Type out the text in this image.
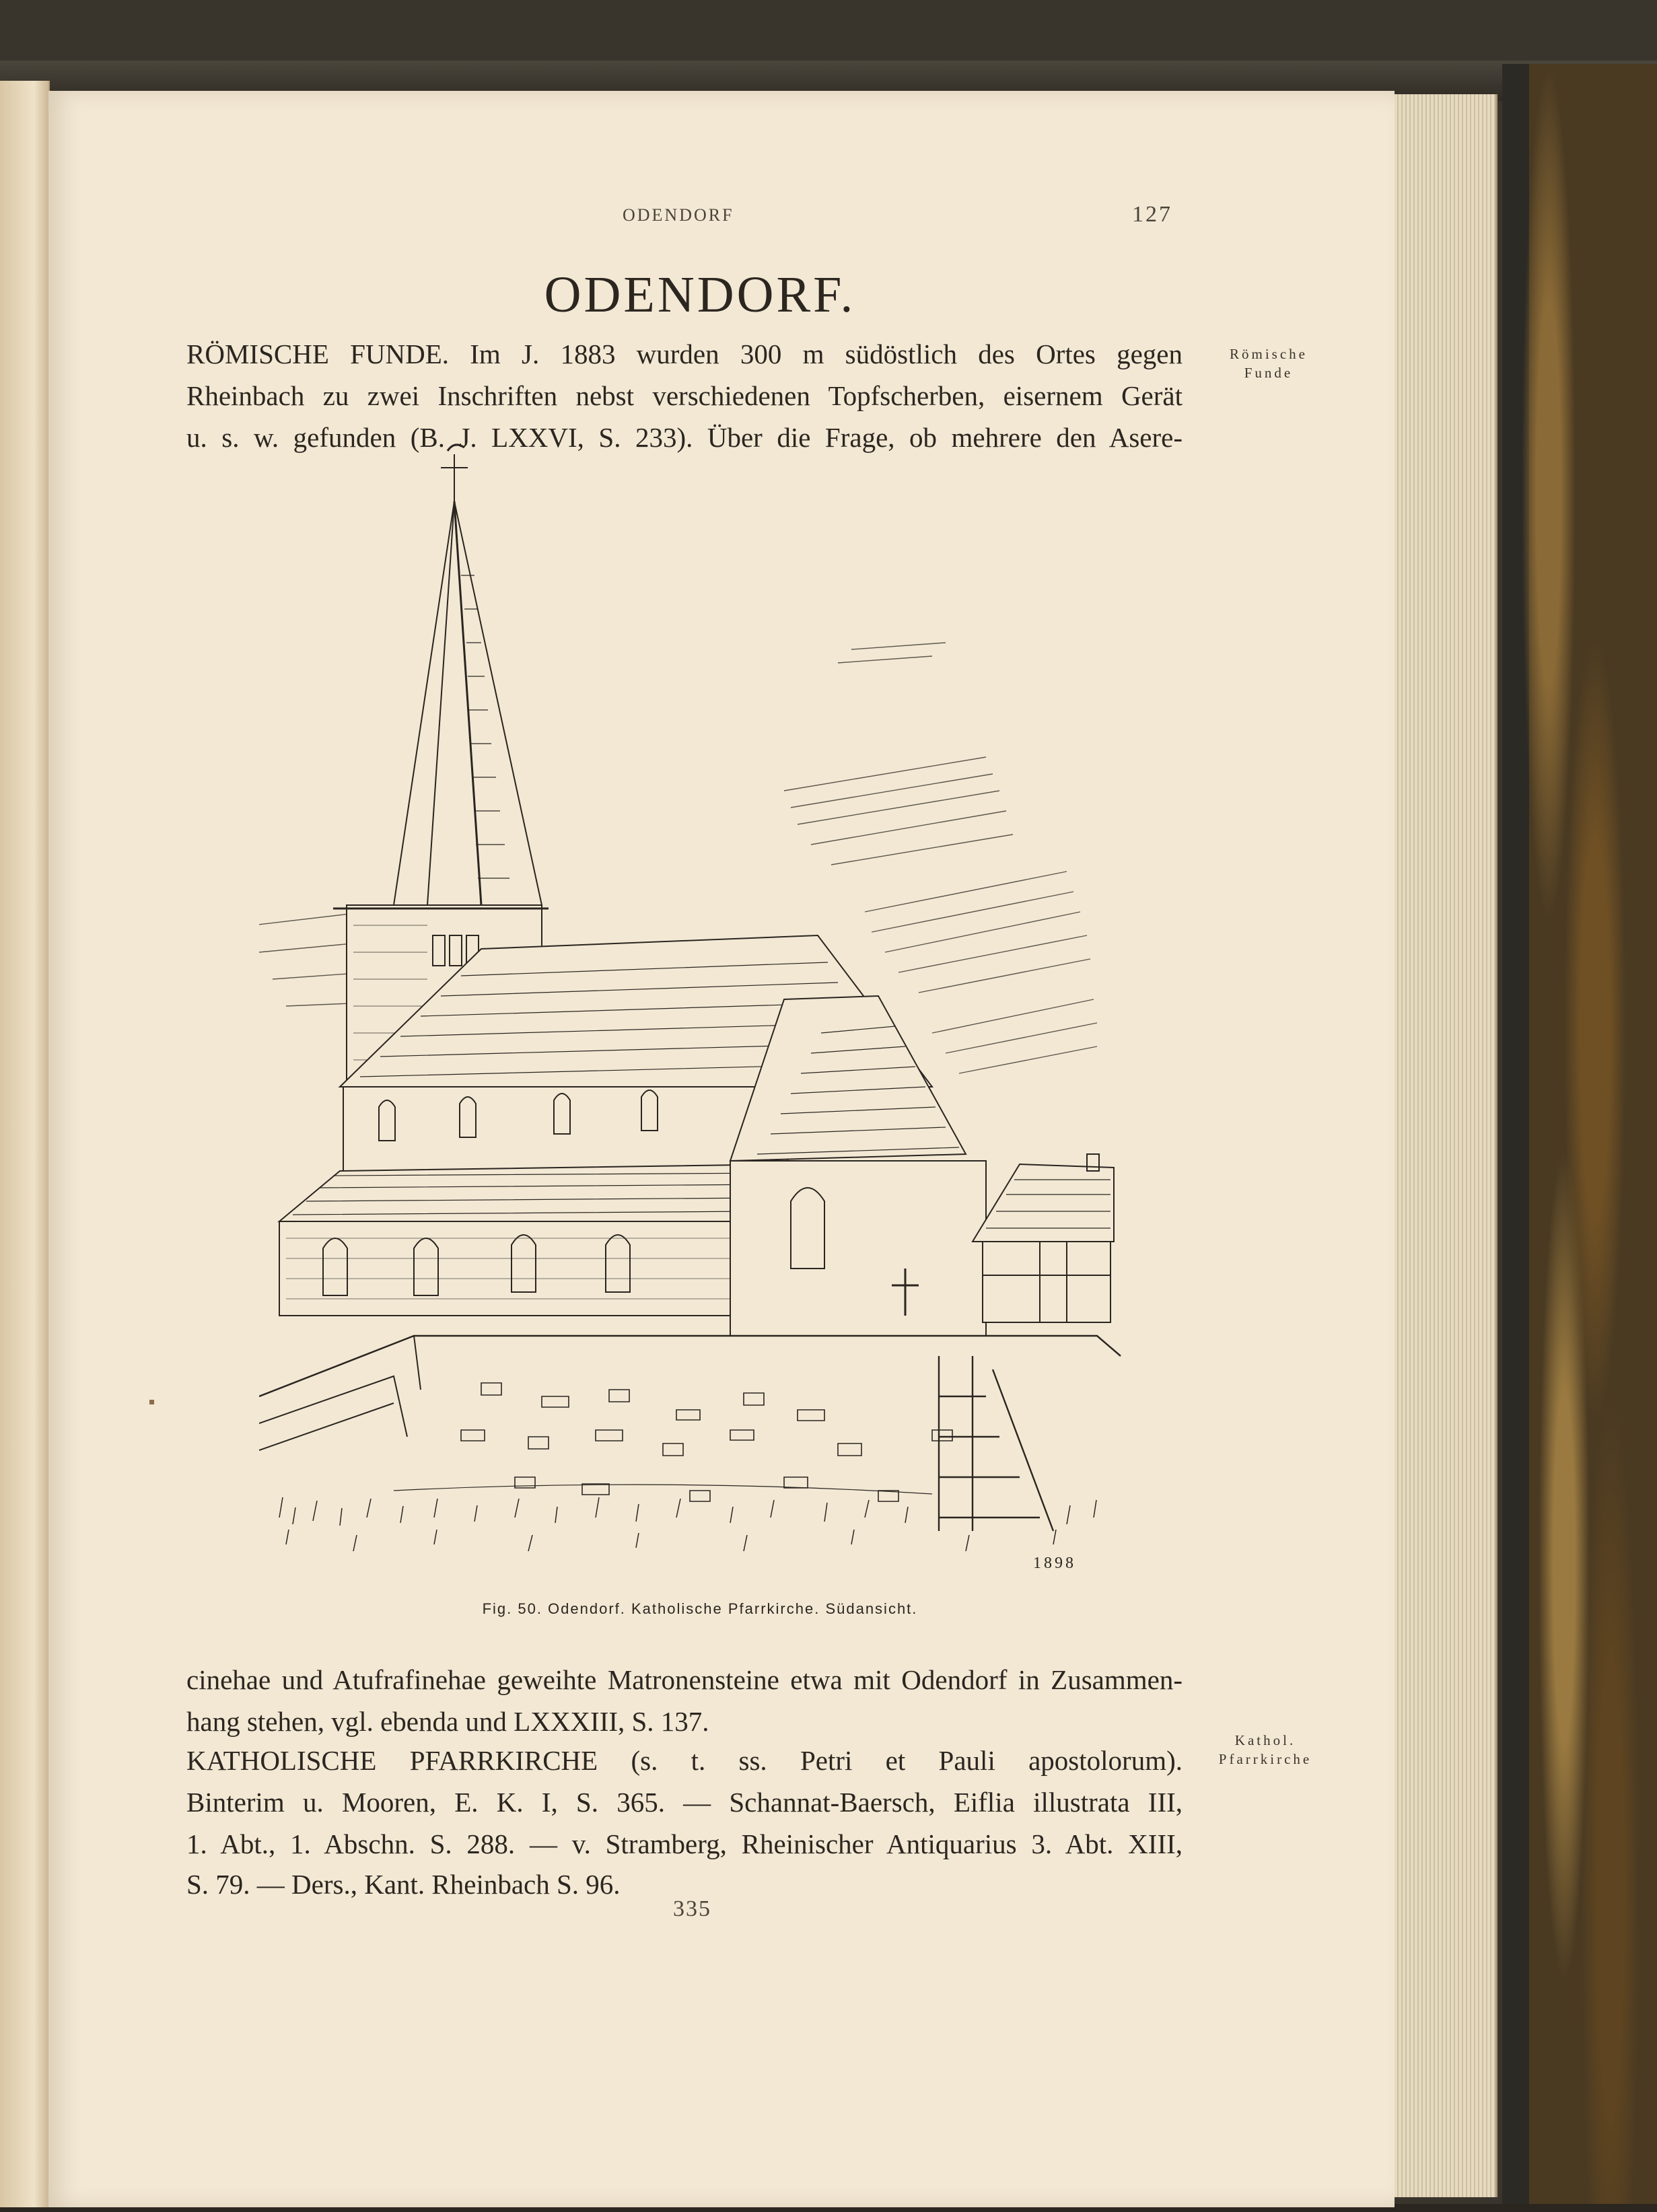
ODENDORF	127
ODENDORF.
RÖMISCHE FUNDE. Im J. 1883 wurden 300 m südöstlich des Ortes gegen
Rheinbach zu zwei Inschriften nebst verschiedenen Topfscherben, eisernem Gerät
u. s. w. gefunden (B. J. LXXVI, S. 233). Über die Frage, ob mehrere den Asere-
Römische
Funde
1898
Fig. 50. Odendorf. Katholische Pfarrkirche. Südansicht.
cinehae und Atufrafinehae geweihte Matronensteine etwa mit Odendorf in Zusammen-
hang stehen, vgl. ebenda und LXXXIII, S. 137.
KATHOLISCHE PFARRKIRCHE (s. t. ss. Petri et Pauli apostolorum).
Binterim u. Mooren, E. K. I, S. 365. — Schannat-Baersch, Eiflia illustrata III,
1. Abt., 1. Abschn. S. 288. — v. Stramberg, Rheinischer Antiquarius 3. Abt. XIII,
S. 79. — Ders., Kant. Rheinbach S. 96.
Kathol.
Pfarrkirche
335
